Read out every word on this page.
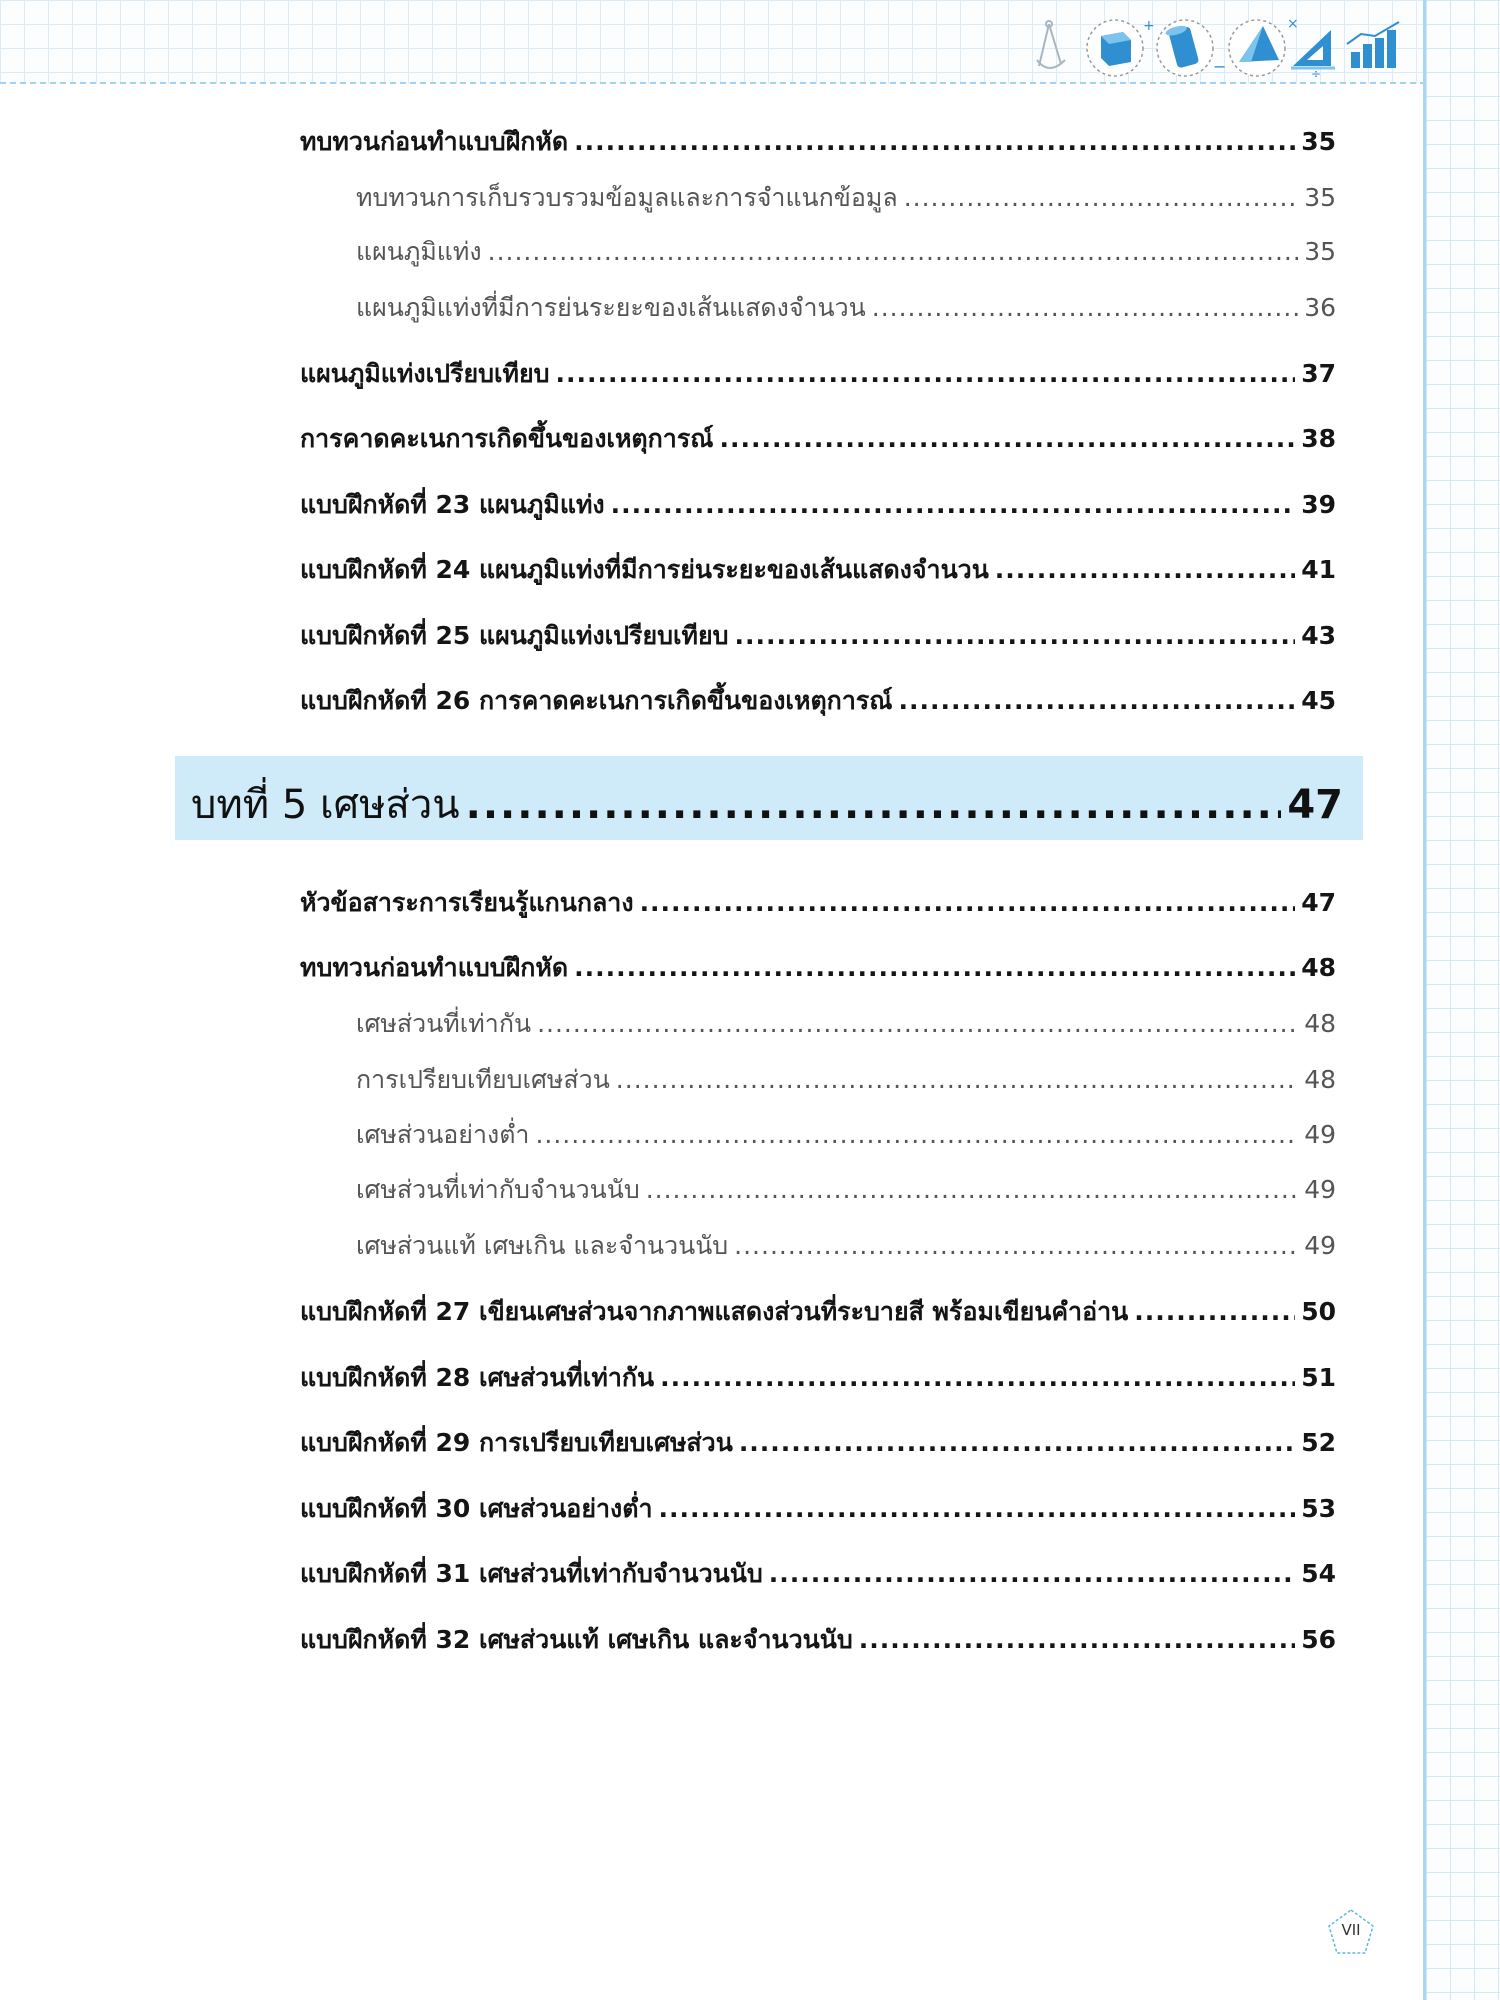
+
−
×
÷
ทบทวนก่อนทำแบบฝึกหัด .....	35
ทบทวนการเก็บรวบรวมข้อมูลและการจำแนกข้อมูล .....	35
แผนภูมิแท่ง .....	35
แผนภูมิแท่งที่มีการย่นระยะของเส้นแสดงจำนวน .....	36
แผนภูมิแท่งเปรียบเทียบ .....	37
การคาดคะเนการเกิดขึ้นของเหตุการณ์ .....	38
แบบฝึกหัดที่ 23 แผนภูมิแท่ง .....	39
แบบฝึกหัดที่ 24 แผนภูมิแท่งที่มีการย่นระยะของเส้นแสดงจำนวน .....	41
แบบฝึกหัดที่ 25 แผนภูมิแท่งเปรียบเทียบ .....	43
แบบฝึกหัดที่ 26 การคาดคะเนการเกิดขึ้นของเหตุการณ์ .....	45
บทที่ 5 เศษส่วน .....	47
หัวข้อสาระการเรียนรู้แกนกลาง .....	47
ทบทวนก่อนทำแบบฝึกหัด .....	48
เศษส่วนที่เท่ากัน .....	48
การเปรียบเทียบเศษส่วน .....	48
เศษส่วนอย่างต่ำ .....	49
เศษส่วนที่เท่ากับจำนวนนับ .....	49
เศษส่วนแท้ เศษเกิน และจำนวนนับ .....	49
แบบฝึกหัดที่ 27 เขียนเศษส่วนจากภาพแสดงส่วนที่ระบายสี พร้อมเขียนคำอ่าน .....	50
แบบฝึกหัดที่ 28 เศษส่วนที่เท่ากัน .....	51
แบบฝึกหัดที่ 29 การเปรียบเทียบเศษส่วน .....	52
แบบฝึกหัดที่ 30 เศษส่วนอย่างต่ำ .....	53
แบบฝึกหัดที่ 31 เศษส่วนที่เท่ากับจำนวนนับ .....	54
แบบฝึกหัดที่ 32 เศษส่วนแท้ เศษเกิน และจำนวนนับ .....	56
VII
